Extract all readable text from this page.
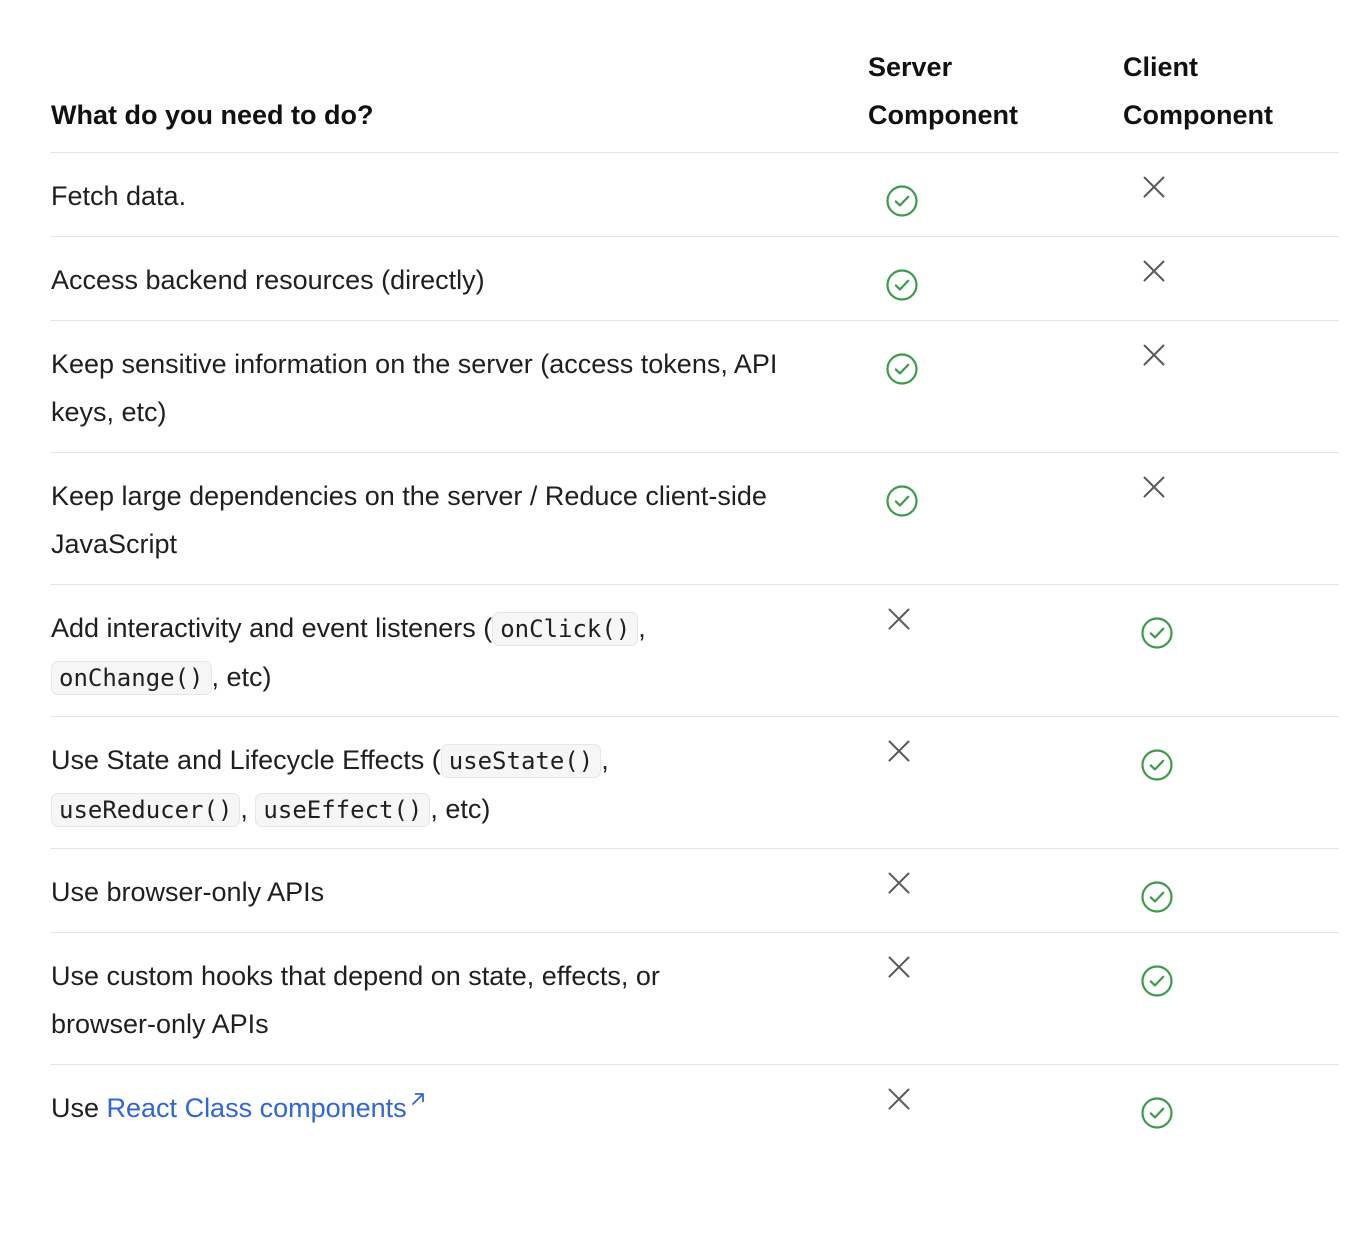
What do you need to do?
Server
Component
Client
Component
Fetch data.
Access backend resources (directly)
Keep sensitive information on the server (access tokens, API
keys, etc)
Keep large dependencies on the server / Reduce client-side
JavaScript
Add interactivity and event listeners ( onClick() ,
onChange() , etc)
Use State and Lifecycle Effects ( useState() ,
useReducer() , useEffect() , etc)
Use browser-only APIs
Use custom hooks that depend on state, effects, or
browser-only APIs
Use React Class components
